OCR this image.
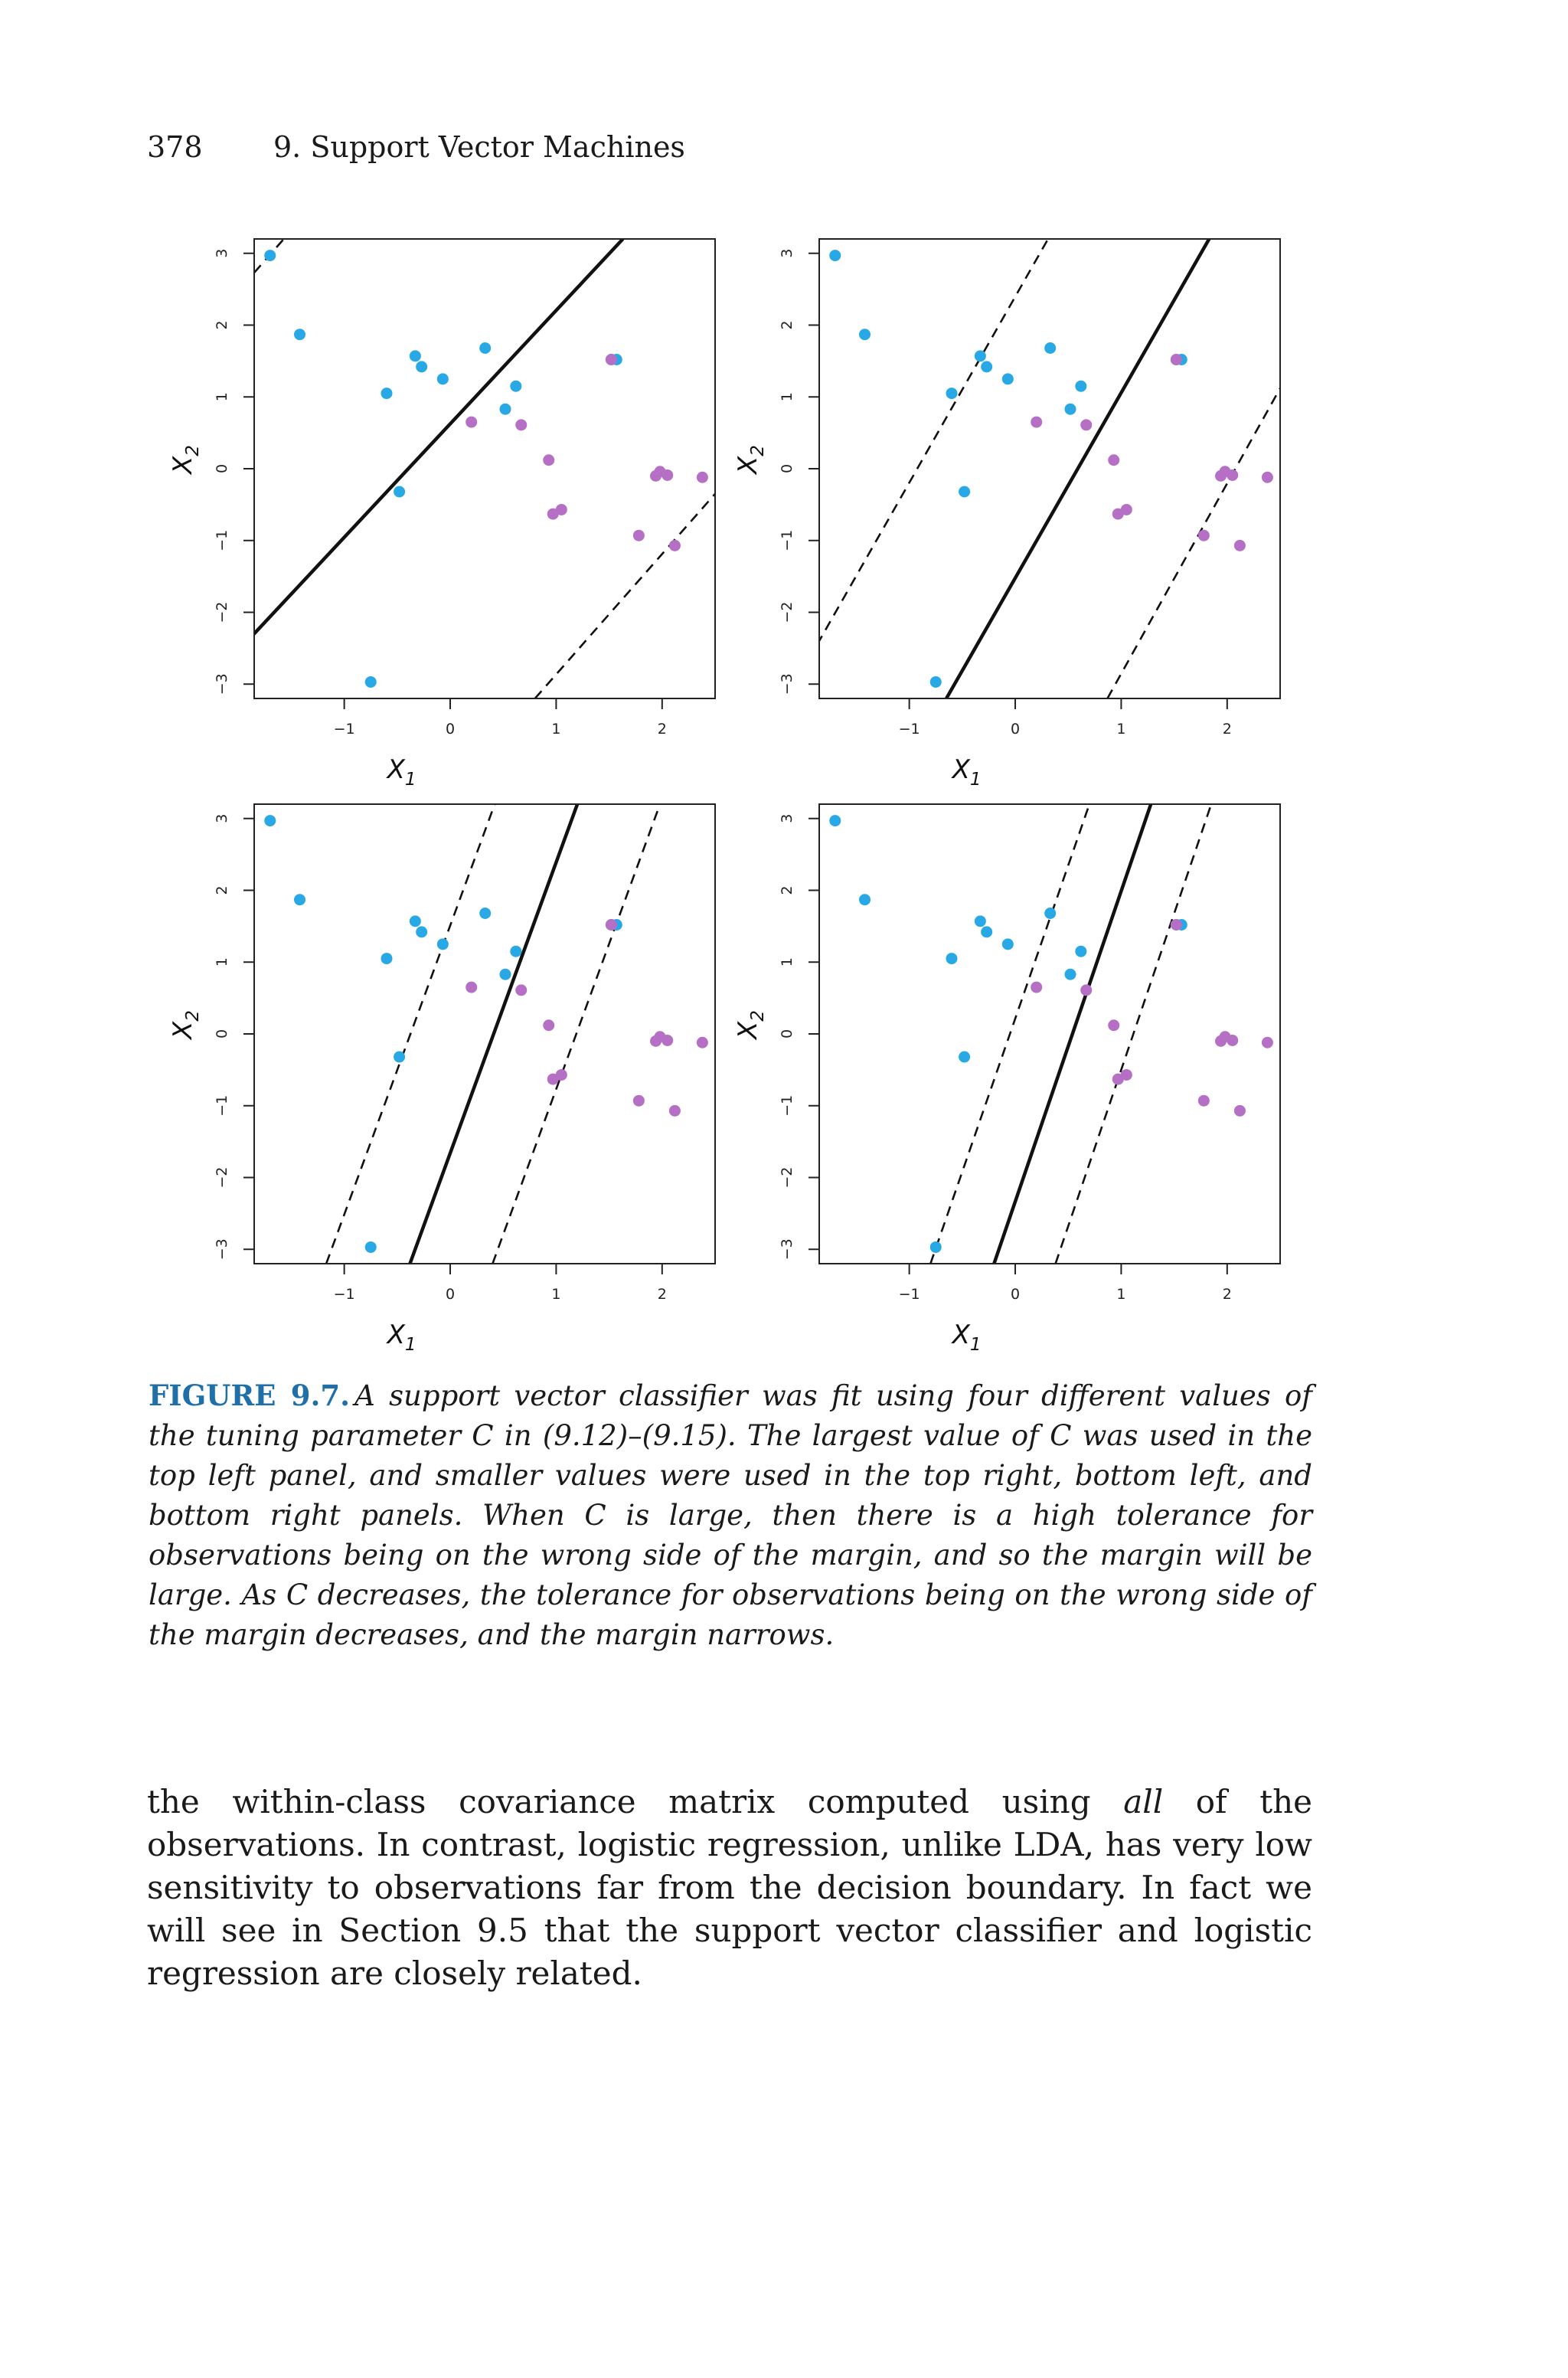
378 9. Support Vector Machines
−1	0	1	2
−3
−2
−1
0
1
2
3
$X_1$
$X_2$
−1	0	1	2
−3
−2
−1
0
1
2
3
$X_1$
$X_2$
−1	0	1	2
−3
−2
−1
0
1
2
3
$X_1$
$X_2$
−1	0	1	2
−3
−2
−1
0
1
2
3
$X_1$
$X_2$
FIGURE 9.7. A support vector classifier was fit using four different values of the tuning parameter C in (9.12)–(9.15). The largest value of C was used in the top left panel, and smaller values were used in the top right, bottom left, and bottom right panels. When C is large, then there is a high tolerance for observations being on the wrong side of the margin, and so the margin will be large. As C decreases, the tolerance for observations being on the wrong side of the margin decreases, and the margin narrows.

the within-class covariance matrix computed using all of the observations. In contrast, logistic regression, unlike LDA, has very low sensitivity to observations far from the decision boundary. In fact we will see in Section 9.5 that the support vector classifier and logistic regression are closely related.
